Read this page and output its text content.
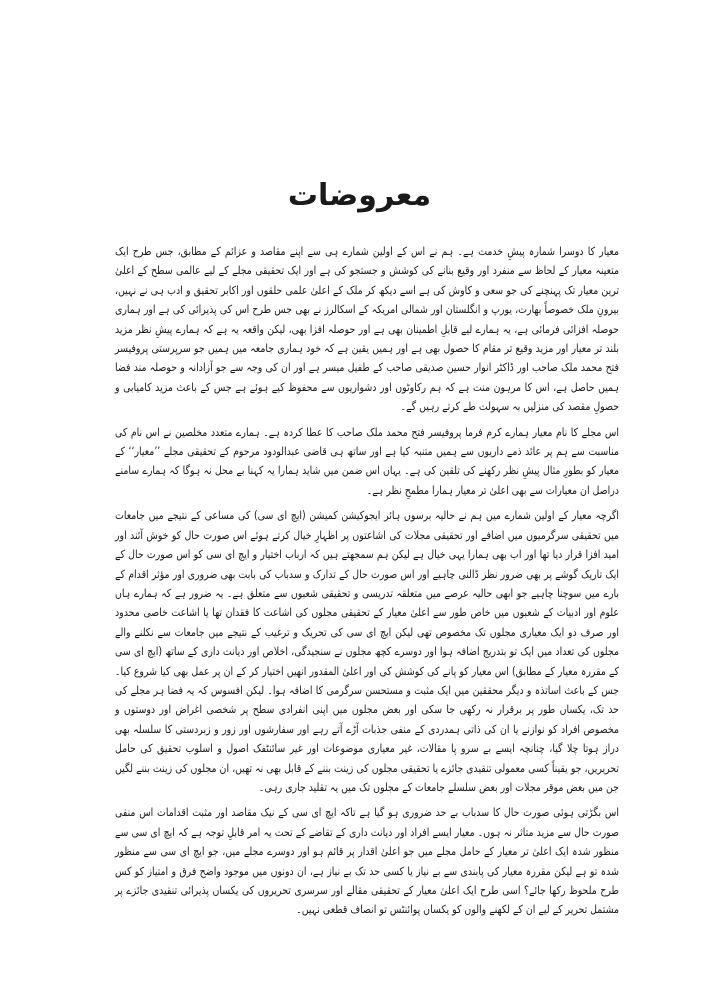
معروضات

معیار کا دوسرا شمارہ پیشِ خدمت ہے۔ ہم نے اس کے اولین شمارے ہی سے اپنے مقاصد و عزائم کے مطابق، جس طرح ایک متعینہ معیار کے لحاظ سے منفرد اور وقیع بنانے کی کوشش و جستجو کی ہے اور ایک تحقیقی مجلے کے لیے عالمی سطح کے اعلیٰ ترین معیار تک پہنچنے کی جو سعی و کاوش کی ہے اسے دیکھ کر ملک کے اعلیٰ علمی حلقوں اور اکابر تحقیق و ادب ہی نے نہیں، بیرونِ ملک خصوصاً بھارت، یورپ و انگلستان اور شمالی امریکہ کے اسکالرز نے بھی جس طرح اس کی پذیرائی کی ہے اور ہماری حوصلہ افزائی فرمائی ہے، یہ ہمارے لیے قابلِ اطمینان بھی ہے اور حوصلہ افزا بھی، لیکن واقعہ یہ ہے کہ ہمارے پیشِ نظر مزید بلند تر معیار اور مزید وقیع تر مقام کا حصول بھی ہے اور ہمیں یقین ہے کہ خود ہماری جامعہ میں ہمیں جو سرپرستی پروفیسر فتح محمد ملک صاحب اور ڈاکٹر انوار حسین صدیقی صاحب کے طفیل میسر ہے اور ان کی وجہ سے جو آزادانہ و حوصلہ مند فضا ہمیں حاصل ہے، اس کا مرہون منت ہے کہ ہم رکاوٹوں اور دشواریوں سے محفوظ کیے ہوئے ہے جس کے باعث مزید کامیابی و حصولِ مقصد کی منزلیں بہ سہولت طے کرتے رہیں گے۔

اس مجلے کا نام معیار ہمارے کرم فرما پروفیسر فتح محمد ملک صاحب کا عطا کردہ ہے۔ ہمارے متعدد مخلصین نے اس نام کی مناسبت سے ہم پر عائد ذمے داریوں سے ہمیں متنبہ کیا ہے اور ساتھ ہی قاضی عبدالودود مرحوم کے تحقیقی مجلے ’’معیار‘‘ کے معیار کو بطورِ مثال پیشِ نظر رکھنے کی تلقین کی ہے۔ یہاں اس ضمن میں شاید ہمارا یہ کہنا بے محل نہ ہوگا کہ ہمارے سامنے دراصل ان معیارات سے بھی اعلیٰ تر معیار ہمارا مطمحِ نظر ہے۔

اگرچہ معیار کے اولین شمارے میں ہم نے حالیہ برسوں ہائر ایجوکیشن کمیشن (ایچ ای سی) کی مساعی کے نتیجے میں جامعات میں تحقیقی سرگرمیوں میں اضافے اور تحقیقی مجلات کی اشاعتوں پر اظہارِ خیال کرتے ہوئے اس صورت حال کو خوش آئند اور امید افزا قرار دیا تھا اور اب بھی ہمارا یہی خیال ہے لیکن ہم سمجھتے ہیں کہ ارباب اختیار و ایچ ای سی کو اس صورت حال کے ایک تاریک گوشے پر بھی ضرور نظر ڈالنی چاہیے اور اس صورت حال کے تدارک و سدباب کی بابت بھی ضروری اور مؤثر اقدام کے بارے میں سوچنا چاہیے جو ابھی حالیہ عرصے میں متعلقہ تدریسی و تحقیقی شعبوں سے متعلق ہے۔ یہ ضرور ہے کہ ہمارے ہاں علوم اور ادبیات کے شعبوں میں خاص طور سے اعلیٰ معیار کے تحقیقی مجلوں کی اشاعت کا فقدان تھا یا اشاعت خاصی محدود اور صرف دو ایک معیاری مجلوں تک مخصوص تھی لیکن ایچ ای سی کی تحریک و ترغیب کے نتیجے میں جامعات سے نکلنے والے مجلوں کی تعداد میں ایک تو بتدریج اضافہ ہوا اور دوسرے کچھ مجلوں نے سنجیدگی، اخلاص اور دیانت داری کے ساتھ (ایچ ای سی کے مقررہ معیار کے مطابق) اس معیار کو پانے کی کوشش کی اور اعلیٰ المقدور انھیں اختیار کر کے ان پر عمل بھی کیا شروع کیا۔ جس کے باعث اساتذہ و دیگر محققین میں ایک مثبت و مستحسن سرگرمی کا اضافہ ہوا۔ لیکن افسوس کہ یہ فضا ہر مجلے کی حد تک، یکساں طور پر برقرار نہ رکھی جا سکی اور بعض مجلوں میں اپنی انفرادی سطح پر شخصی اغراض اور دوستوں و مخصوص افراد کو نوازنے یا ان کی ذاتی ہمدردی کے منفی جذبات آڑے آتے رہے اور سفارشوں اور زور و زبردستی کا سلسلہ بھی دراز ہوتا چلا گیا، چنانچہ ایسے بے سرو پا مقالات، غیر معیاری موضوعات اور غیر سائنٹفک اصول و اسلوب تحقیق کی حامل تحریریں، جو یقیناً کسی معمولی تنقیدی جائزے یا تحقیقی مجلوں کی زینت بننے کے قابل بھی نہ تھیں، ان مجلوں کی زینت بننے لگیں جن میں بعض موقر مجلات اور بعض سلسلے جامعات کے مجلوں تک میں یہ تقلید جاری رہی۔

اس بگڑتی ہوئی صورت حال کا سدباب بے حد ضروری ہو گیا ہے تاکہ ایچ ای سی کے نیک مقاصد اور مثبت اقدامات اس منفی صورت حال سے مزید متاثر نہ ہوں۔ معیار ایسے افراد اور دیانت داری کے تقاضے کے تحت یہ امر قابلِ توجہ ہے کہ ایچ ای سی سے منظور شدہ ایک اعلیٰ تر معیار کے حامل مجلے میں جو اعلیٰ اقدار پر قائم ہو اور دوسرے مجلے میں، جو ایچ ای سی سے منظور شدہ تو ہے لیکن مقررہ معیار کی پابندی سے بے نیاز یا کسی حد تک بے نیاز ہے، ان دونوں میں موجود واضح فرق و امتیاز کو کس طرح ملحوظ رکھا جائے؟ اسی طرح ایک اعلیٰ معیار کے تحقیقی مقالے اور سرسری تحریروں کی یکساں پذیرائی تنقیدی جائزے پر مشتمل تحریر کے لیے ان کے لکھنے والوں کو یکساں پوائنٹس تو انصاف قطعی نہیں۔
